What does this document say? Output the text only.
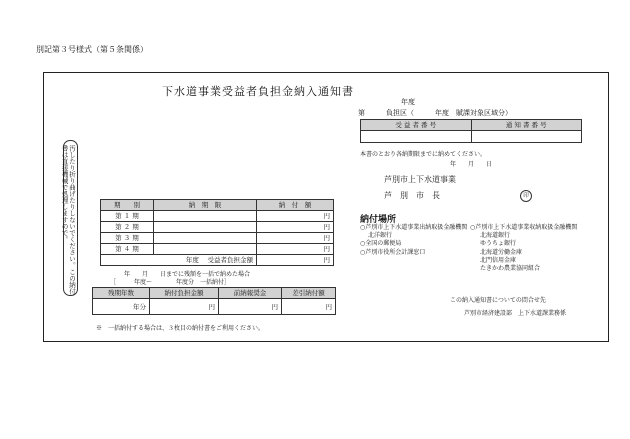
別記第３号様式（第５条関係）
下水道事業受益者負担金納入通知書
年度
第　　　負担区（　　　年度　賦課対象区域分）
受 益 者 番 号	通 知 書 番 号

本書のとおり各納期限までに納めてください。
年　　月　　日
芦別市上下水道事業
芦　別　市　長	印
汚したり折り曲げたりしないでください。この納付書は直接機械で処理しますので。	期　　別	納　期　限	納　付　額
第 １ 期		円
第 ２ 期		円
第 ３ 期		円
第 ４ 期		円
年度　 受益者負担金額		円
年　　月　　日までに残額を一括で納めた場合
［　　　年度～　　　　年度分　一括納付］
残期年数	納付負担金額	前納報奨金	差引納付額
年分	円	円	円
※　一括納付する場合は、３枚目の納付書をご利用ください。
納付場所
○芦別市上下水道事業出納取扱金融機関
北洋銀行
○全国の郵便局
○芦別市役所会計課窓口
○芦別市上下水道事業収納取扱金融機関
北海道銀行
ゆうちょ銀行
北海道労働金庫
北門信用金庫
たきかわ農業協同組合
この納入通知書についての問合せ先
芦別市経済建設部　上下水道課業務係
